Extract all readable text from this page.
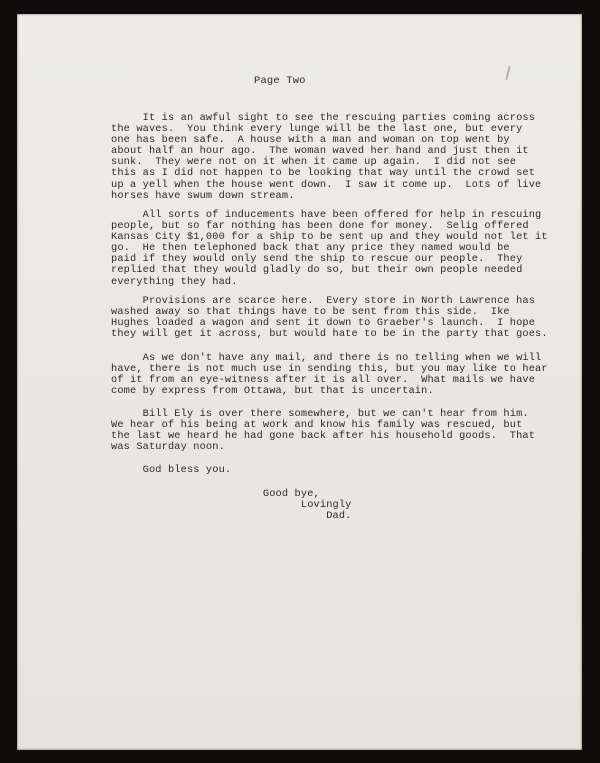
Page Two
It is an awful sight to see the rescuing parties coming across
the waves.  You think every lunge will be the last one, but every
one has been safe.  A house with a man and woman on top went by
about half an hour ago.  The woman waved her hand and just then it
sunk.  They were not on it when it came up again.  I did not see
this as I did not happen to be looking that way until the crowd set
up a yell when the house went down.  I saw it come up.  Lots of live
horses have swum down stream.
All sorts of inducements have been offered for help in rescuing
people, but so far nothing has been done for money.  Selig offered
Kansas City $1,000 for a ship to be sent up and they would not let it
go.  He then telephoned back that any price they named would be
paid if they would only send the ship to rescue our people.  They
replied that they would gladly do so, but their own people needed
everything they had.
Provisions are scarce here.  Every store in North Lawrence has
washed away so that things have to be sent from this side.  Ike
Hughes loaded a wagon and sent it down to Graeber's launch.  I hope
they will get it across, but would hate to be in the party that goes.
As we don't have any mail, and there is no telling when we will
have, there is not much use in sending this, but you may like to hear
of it from an eye-witness after it is all over.  What mails we have
come by express from Ottawa, but that is uncertain.
Bill Ely is over there somewhere, but we can't hear from him.
We hear of his being at work and know his family was rescued, but
the last we heard he had gone back after his household goods.  That
was Saturday noon.
God bless you.
Good bye,
Lovingly
Dad.
